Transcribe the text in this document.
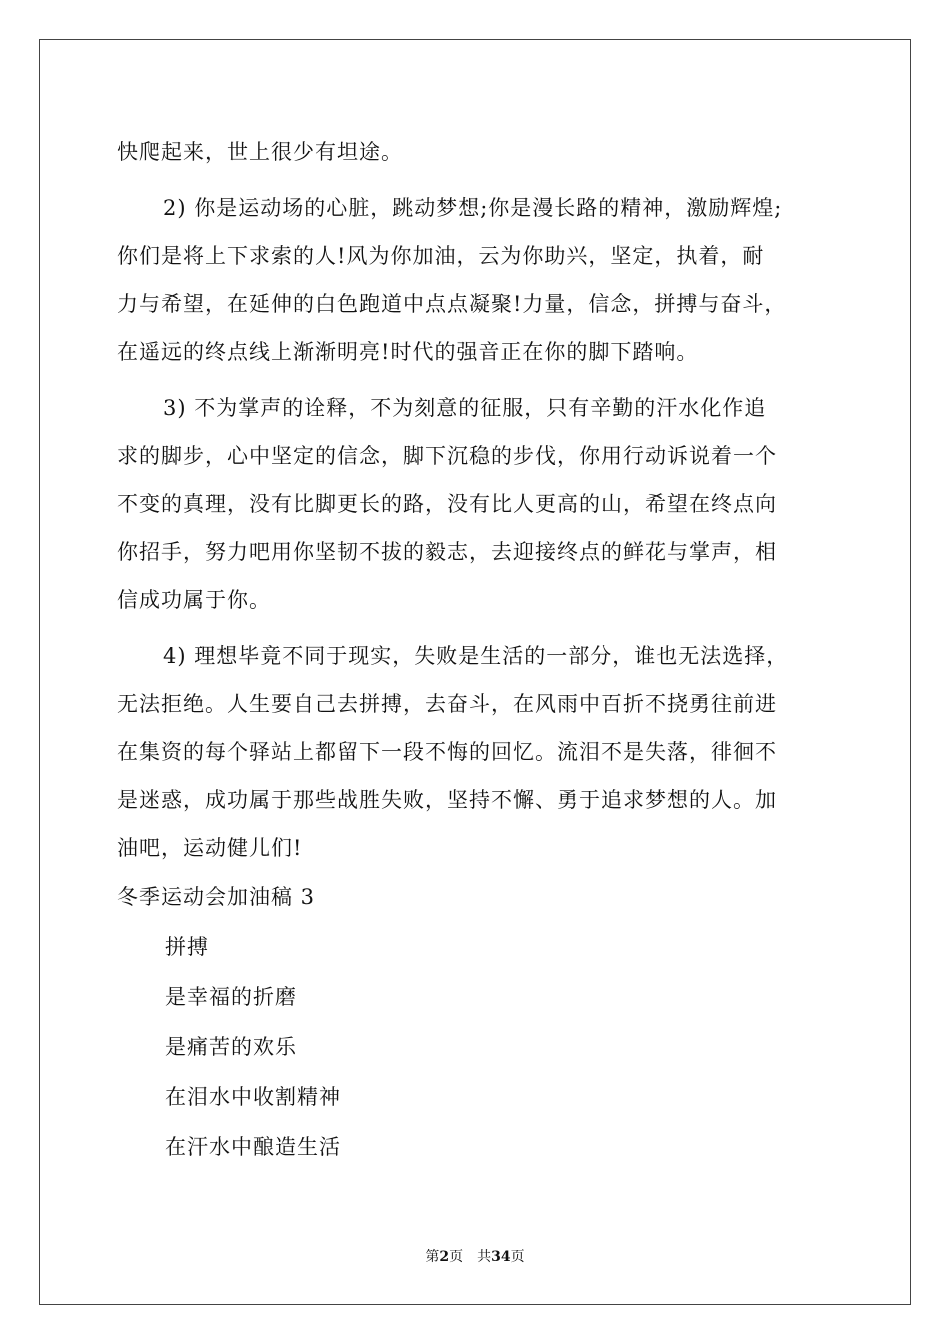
快爬起来，世上很少有坦途。
2) 你是运动场的心脏，跳动梦想;你是漫长路的精神，激励辉煌;
你们是将上下求索的人!风为你加油，云为你助兴，坚定，执着，耐
力与希望，在延伸的白色跑道中点点凝聚!力量，信念，拼搏与奋斗，
在遥远的终点线上渐渐明亮!时代的强音正在你的脚下踏响。
3) 不为掌声的诠释，不为刻意的征服，只有辛勤的汗水化作追
求的脚步，心中坚定的信念，脚下沉稳的步伐，你用行动诉说着一个
不变的真理，没有比脚更长的路，没有比人更高的山，希望在终点向
你招手，努力吧用你坚韧不拔的毅志，去迎接终点的鲜花与掌声，相
信成功属于你。
4) 理想毕竟不同于现实，失败是生活的一部分，谁也无法选择，
无法拒绝。人生要自己去拼搏，去奋斗，在风雨中百折不挠勇往前进
在集资的每个驿站上都留下一段不悔的回忆。流泪不是失落，徘徊不
是迷惑，成功属于那些战胜失败，坚持不懈、勇于追求梦想的人。加
油吧，运动健儿们!
冬季运动会加油稿 3
拼搏
是幸福的折磨
是痛苦的欢乐
在泪水中收割精神
在汗水中酿造生活
第2页　共34页
